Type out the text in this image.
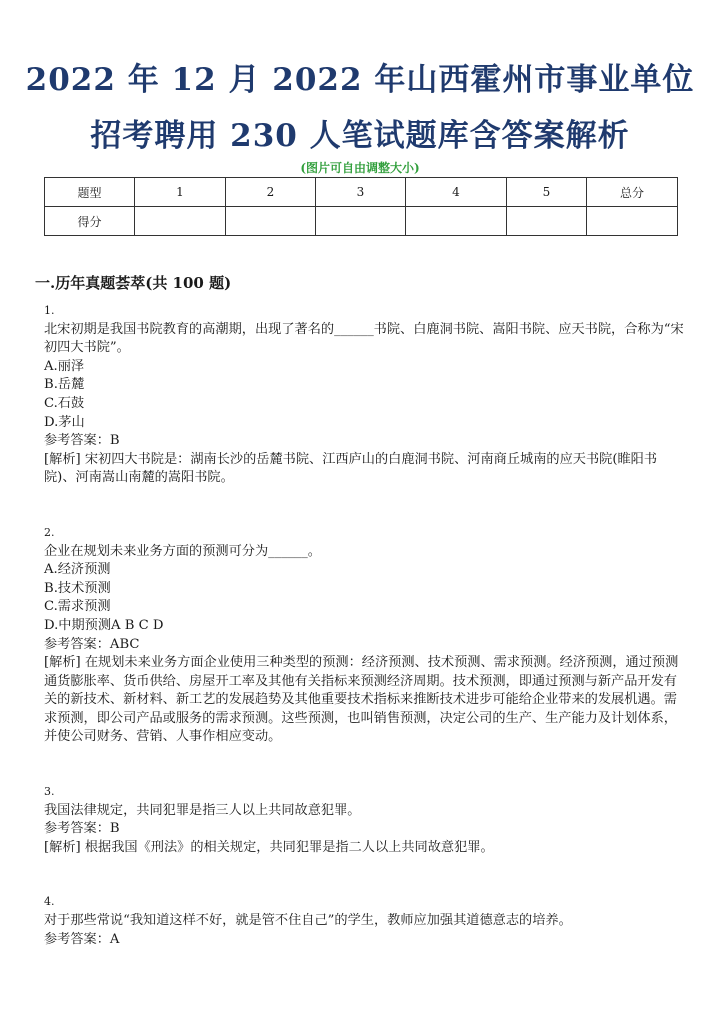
2022 年 12 月 2022 年山西霍州市事业单位
招考聘用 230 人笔试题库含答案解析
(图片可自由调整大小)
题型	1	2	3	4	5	总分
得分						
一.历年真题荟萃(共 100 题)

1.

北宋初期是我国书院教育的高潮期，出现了著名的______书院、白鹿洞书院、嵩阳书院、应天书院，合称为“宋初四大书院”。

A.丽泽

B.岳麓

C.石鼓

D.茅山

参考答案：B

[解析] 宋初四大书院是：湖南长沙的岳麓书院、江西庐山的白鹿洞书院、河南商丘城南的应天书院(睢阳书院)、河南嵩山南麓的嵩阳书院。

2.

企业在规划未来业务方面的预测可分为______。

A.经济预测

B.技术预测

C.需求预测

D.中期预测A B C D

参考答案：ABC

[解析] 在规划未来业务方面企业使用三种类型的预测：经济预测、技术预测、需求预测。经济预测，通过预测通货膨胀率、货币供给、房屋开工率及其他有关指标来预测经济周期。技术预测，即通过预测与新产品开发有关的新技术、新材料、新工艺的发展趋势及其他重要技术指标来推断技术进步可能给企业带来的发展机遇。需求预测，即公司产品或服务的需求预测。这些预测，也叫销售预测，决定公司的生产、生产能力及计划体系，并使公司财务、营销、人事作相应变动。

3.

我国法律规定，共同犯罪是指三人以上共同故意犯罪。

参考答案：B

[解析] 根据我国《刑法》的相关规定，共同犯罪是指二人以上共同故意犯罪。

4.

对于那些常说“我知道这样不好，就是管不住自己”的学生，教师应加强其道德意志的培养。

参考答案：A
